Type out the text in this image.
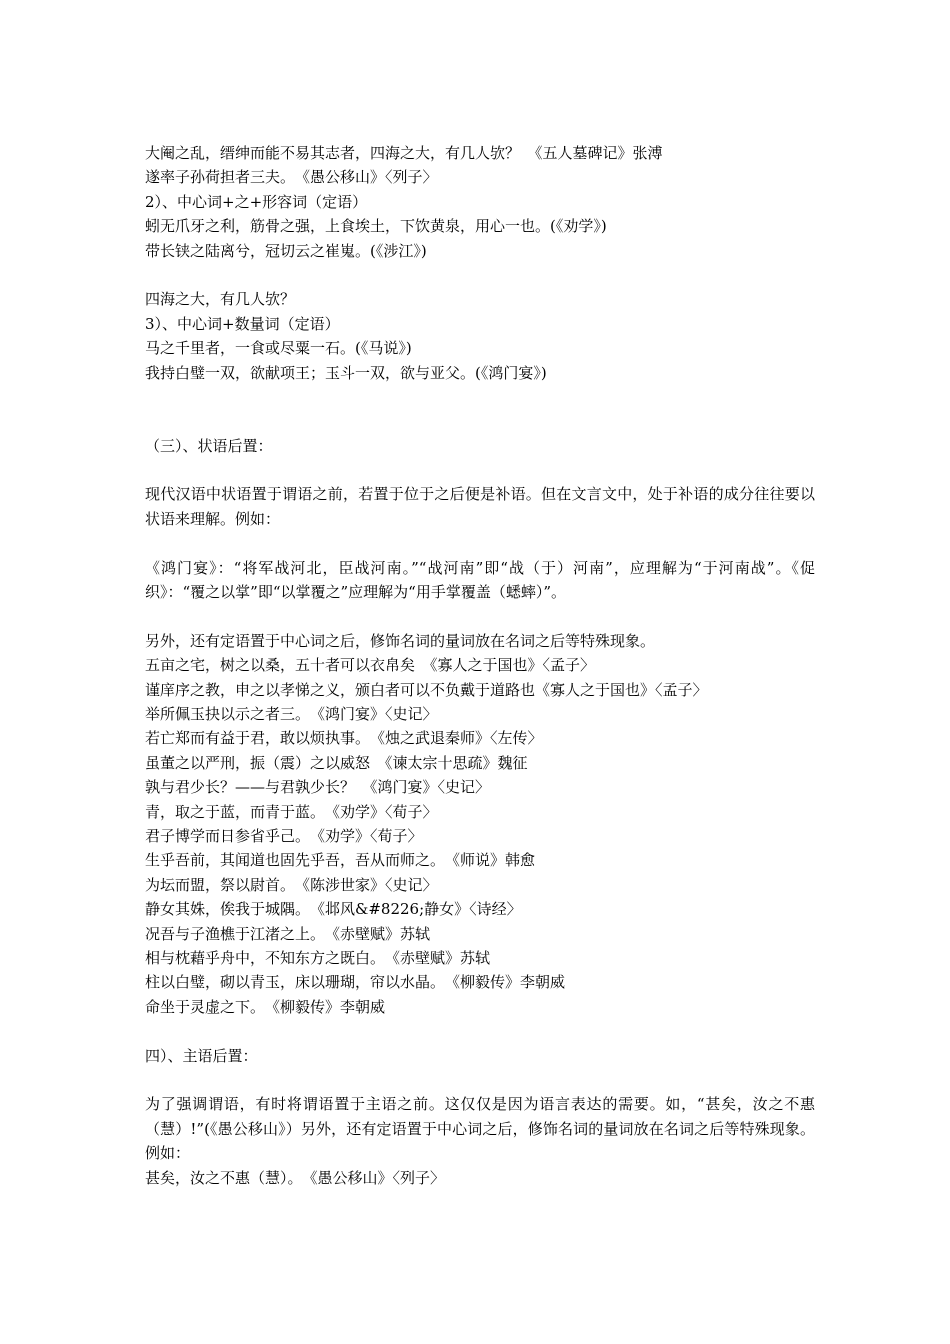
大阉之乱，缙绅而能不易其志者，四海之大，有几人欤？　《五人墓碑记》张溥
遂率子孙荷担者三夫。　《愚公移山》〈列子〉
2）、中心词+之+形容词（定语）
蚓无爪牙之利，筋骨之强，上食埃土，下饮黄泉，用心一也。(《劝学》)
带长铗之陆离兮，冠切云之崔嵬。(《涉江》)
四海之大，有几人欤？
3）、中心词+数量词（定语）
马之千里者，一食或尽粟一石。(《马说》)
我持白璧一双，欲献项王；玉斗一双，欲与亚父。(《鸿门宴》)
（三）、状语后置：
现代汉语中状语置于谓语之前，若置于位于之后便是补语。但在文言文中，处于补语的成分往往要以状语来理解。例如：
《鸿门宴》：“将军战河北，臣战河南。”“战河南”即“战（于）河南”，应理解为“于河南战”。《促织》：“覆之以掌”即“以掌覆之”应理解为“用手掌覆盖（蟋蟀）”。
另外，还有定语置于中心词之后，修饰名词的量词放在名词之后等特殊现象。
五亩之宅，树之以桑，五十者可以衣帛矣　《寡人之于国也》〈孟子〉
谨庠序之教，申之以孝悌之义，颁白者可以不负戴于道路也《寡人之于国也》〈孟子〉
举所佩玉抉以示之者三。　《鸿门宴》〈史记〉
若亡郑而有益于君，敢以烦执事。　《烛之武退秦师》〈左传〉
虽董之以严刑，振（震）之以威怒　《谏太宗十思疏》魏征
孰与君少长？——与君孰少长？　《鸿门宴》〈史记〉
青，取之于蓝，而青于蓝。　《劝学》〈荀子〉
君子博学而日参省乎己。　《劝学》〈荀子〉
生乎吾前，其闻道也固先乎吾，吾从而师之。　《师说》韩愈
为坛而盟，祭以尉首。　《陈涉世家》〈史记〉
静女其姝，俟我于城隅。　《邶风&#8226;静女》〈诗经〉
况吾与子渔樵于江渚之上。　《赤壁赋》苏轼
相与枕藉乎舟中，不知东方之既白。　《赤壁赋》苏轼
柱以白璧，砌以青玉，床以珊瑚，帘以水晶。　《柳毅传》李朝威
命坐于灵虚之下。　《柳毅传》李朝威
四）、主语后置：
为了强调谓语，有时将谓语置于主语之前。这仅仅是因为语言表达的需要。如，“甚矣，汝之不惠（慧）!”(《愚公移山》）另外，还有定语置于中心词之后，修饰名词的量词放在名词之后等特殊现象。例如：
甚矣，汝之不惠（慧）。　《愚公移山》〈列子〉
